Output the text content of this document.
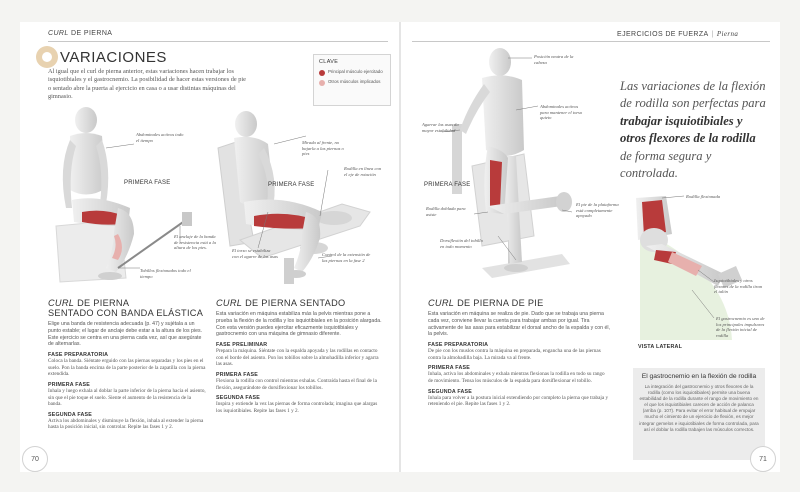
CURL DE PIERNA	EJERCICIOS DE FUERZA | Pierna
VARIACIONES
Al igual que el curl de pierna anterior, estas variaciones hacen trabajar los isquiotibiales y el gastrocnemio. La posibilidad de hacer estas versiones de pie o sentado abre la puerta al ejercicio en casa o a usar distintas máquinas del gimnasio.
CLAVE
Principal músculo ejercitado
Otros músculos implicados
Abdominales activos todo el tiempo
PRIMERA FASE
El anclaje de la banda de resistencia está a la altura de los pies.
Tobillos flexionados todo el tiempo
Mirada al frente, no bajarla a las piernas o pies
PRIMERA FASE
Rodilla en línea con el eje de rotación
El torso se estabiliza con el agarre de las asas	Control de la extensión de las piernas en la fase 2
CURL DE PIERNA
SENTADO CON BANDA ELÁSTICA
Elige una banda de resistencia adecuada (p. 47) y sujétala a un punto estable; el lugar de anclaje debe estar a la altura de los pies. Este ejercicio se centra en una pierna cada vez, así que asegúrate de alternarlas.
FASE PREPARATORIA
Coloca la banda. Siéntate erguido con las piernas separadas y los pies en el suelo. Pon la banda encima de la parte posterior de la zapatilla con la pierna extendida.
PRIMERA FASE
Inhala y luego exhala al doblar la parte inferior de la pierna hacia el asiento, sin que el pie toque el suelo. Siente el aumento de la resistencia de la banda.
SEGUNDA FASE
Activa los abdominales y disminuye la flexión, inhala al extender la pierna hasta la posición inicial, sin controlar. Repite las fases 1 y 2.
CURL DE PIERNA SENTADO
Esta variación en máquina estabiliza más la pelvis mientras pone a prueba la flexión de la rodilla y los isquiotibiales en la posición alargada. Con esta versión puedes ejercitar eficazmente isquiotibiales y gastrocnemio con una máquina de gimnasio diferente.
FASE PRELIMINAR
Prepara la máquina. Siéntate con la espalda apoyada y las rodillas en contacto con el borde del asiento. Pon los tobillos sobre la almohadilla inferior y agarra las asas.
PRIMERA FASE
Flexiona la rodilla con control mientras exhalas. Contraída hasta el final de la flexión, asegurándote de dorsiflexionar los tobillos.
SEGUNDA FASE
Inspira y extiende la vez las piernas de forma controlada; imagina que alargas los isquiotibiales. Repite las fases 1 y 2.
Posición neutra de la cabeza
Abdominales activos para mantener el torso quieto
Agarrar las asas da mayor estabilidad
PRIMERA FASE
Rodilla doblada para asiste
El pie de la plataforma está completamente apoyado
Dorsiflexión del tobillo en todo momento
CURL DE PIERNA DE PIE
Esta variación en máquina se realiza de pie. Dado que se trabaja una pierna cada vez, conviene llevar la cuenta para trabajar ambas por igual. Tira activamente de las asas para estabilizar el dorsal ancho de la espalda y con él, la pelvis.
FASE PREPARATORIA
De pie con los muslos contra la máquina en preparada, engancha una de las piernas contra la almohadilla baja. La mirada va al frente.
PRIMERA FASE
Inhala, activa los abdominales y exhala mientras flexionas la rodilla en todo su rango de movimiento. Tensa los músculos de la espalda para dorsiflexionar el tobillo.
SEGUNDA FASE
Inhala para volver a la postura inicial extendiendo por completo la pierna que trabaja y reteniendo el pie. Repite las fases 1 y 2.
Las variaciones de la flexión de rodilla son perfectas para trabajar isquiotibiales y otros flexores de la rodilla de forma segura y controlada.
Rodilla flexionada
Isquiotibiales y otros flexores de la rodilla tiran el talón
El gastrocnemio es uno de los principales impulsores de la flexión inicial de rodilla
VISTA LATERAL
El gastrocnemio en la flexión de rodilla
La integración del gastrocnemio y otros flexores de la rodilla (como los isquiotibiales) permite una buena estabilidad de la rodilla durante el rango de movimiento en el que los isquiotibiales carecen de acción de palanca (arriba (p. 107). Para evitar el error habitual de empujar mucho el cimiento de un ejercicio de flexión, es mejor integrar gemelos e isquiotibiales de forma controlada, para así el doblar la rodilla trabajen las músculos correctos.
70	71
